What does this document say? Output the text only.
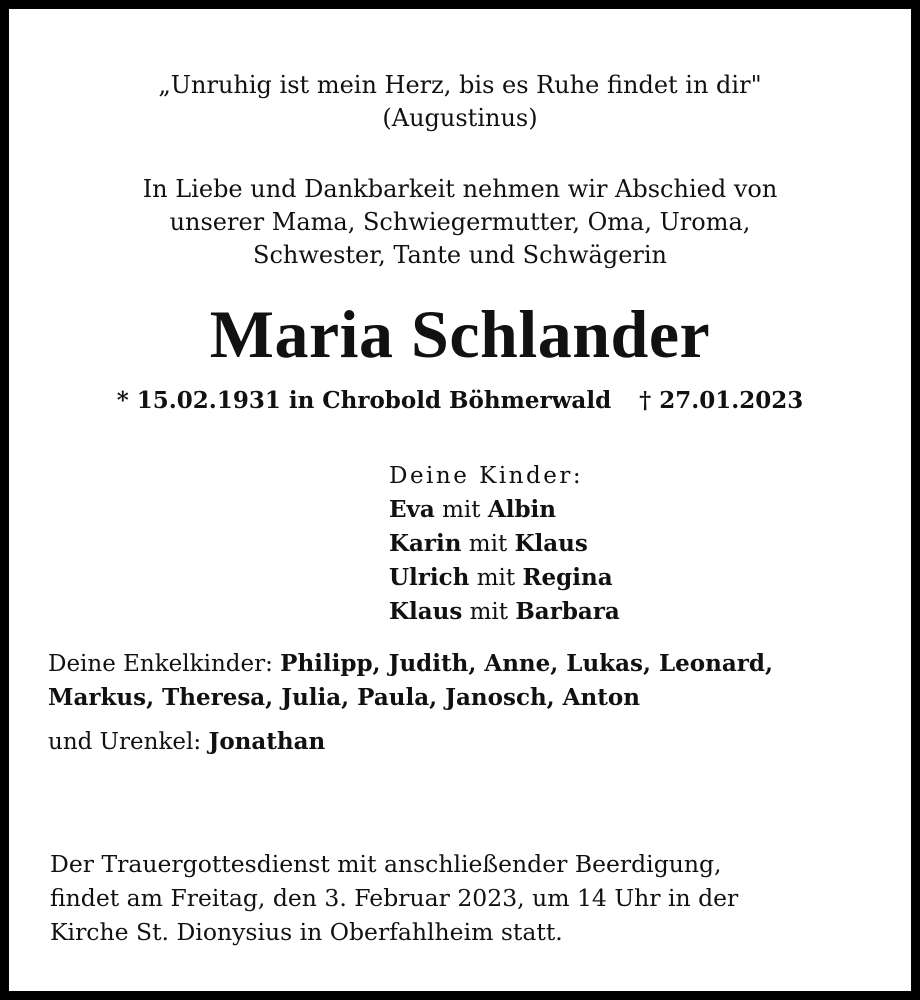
„Unruhig ist mein Herz, bis es Ruhe findet in dir"
(Augustinus)
In Liebe und Dankbarkeit nehmen wir Abschied von
unserer Mama, Schwiegermutter, Oma, Uroma,
Schwester, Tante und Schwägerin
Maria Schlander
* 15.02.1931 in Chrobold Böhmerwald † 27.01.2023
Deine Kinder:
Eva mit Albin
Karin mit Klaus
Ulrich mit Regina
Klaus mit Barbara
Deine Enkelkinder: Philipp, Judith, Anne, Lukas, Leonard,
Markus, Theresa, Julia, Paula, Janosch, Anton
und Urenkel: Jonathan
Der Trauergottesdienst mit anschließender Beerdigung,
findet am Freitag, den 3. Februar 2023, um 14 Uhr in der
Kirche St. Dionysius in Oberfahlheim statt.
